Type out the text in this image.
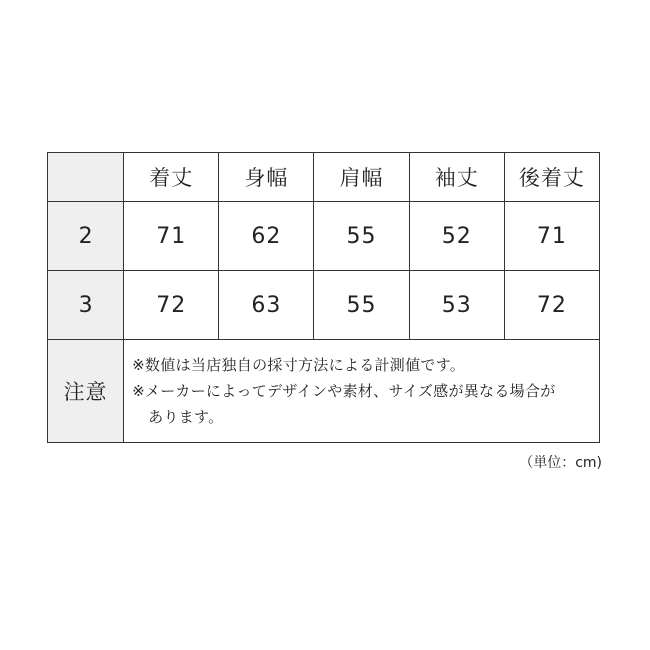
	着丈	身幅	肩幅	袖丈	後着丈
2	71	62	55	52	71
3	72	63	55	53	72
注意	※数値は当店独自の採寸方法による計測値です。
※メーカーによってデザインや素材、サイズ感が異なる場合が
あります。				
（単位：cm)
